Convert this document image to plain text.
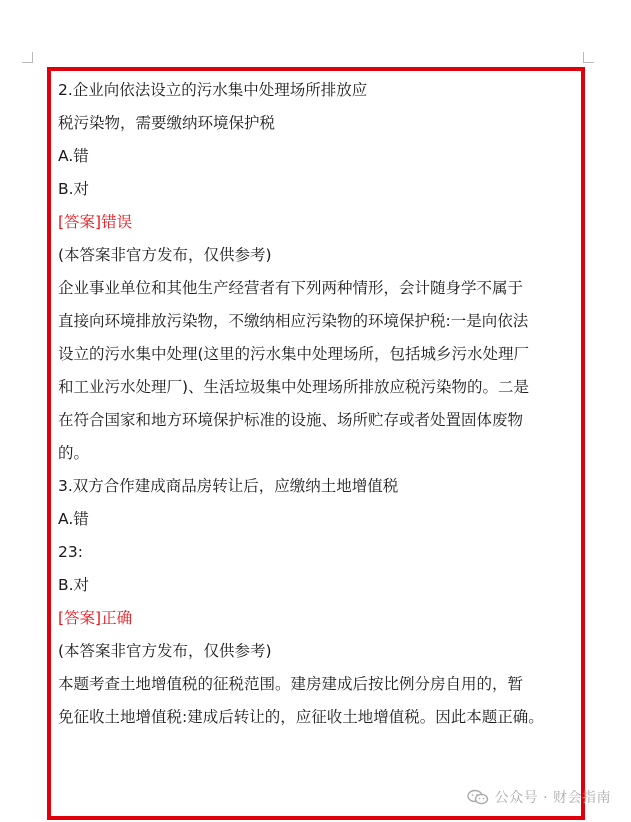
2.企业向依法设立的污水集中处理场所排放应
税污染物，需要缴纳环境保护税
A.错
B.对
[答案]错误
(本答案非官方发布，仅供参考)
企业事业单位和其他生产经营者有下列两种情形，会计随身学不属于
直接向环境排放污染物，不缴纳相应污染物的环境保护税:一是向依法
设立的污水集中处理(这里的污水集中处理场所，包括城乡污水处理厂
和工业污水处理厂)、生活垃圾集中处理场所排放应税污染物的。二是
在符合国家和地方环境保护标准的设施、场所贮存或者处置固体废物
的。
3.双方合作建成商品房转让后，应缴纳土地增值税
A.错
23:
B.对
[答案]正确
(本答案非官方发布，仅供参考)
本题考查土地增值税的征税范围。建房建成后按比例分房自用的，暂
免征收土地增值税:建成后转让的，应征收土地增值税。因此本题正确。
公众号 · 财会指南
